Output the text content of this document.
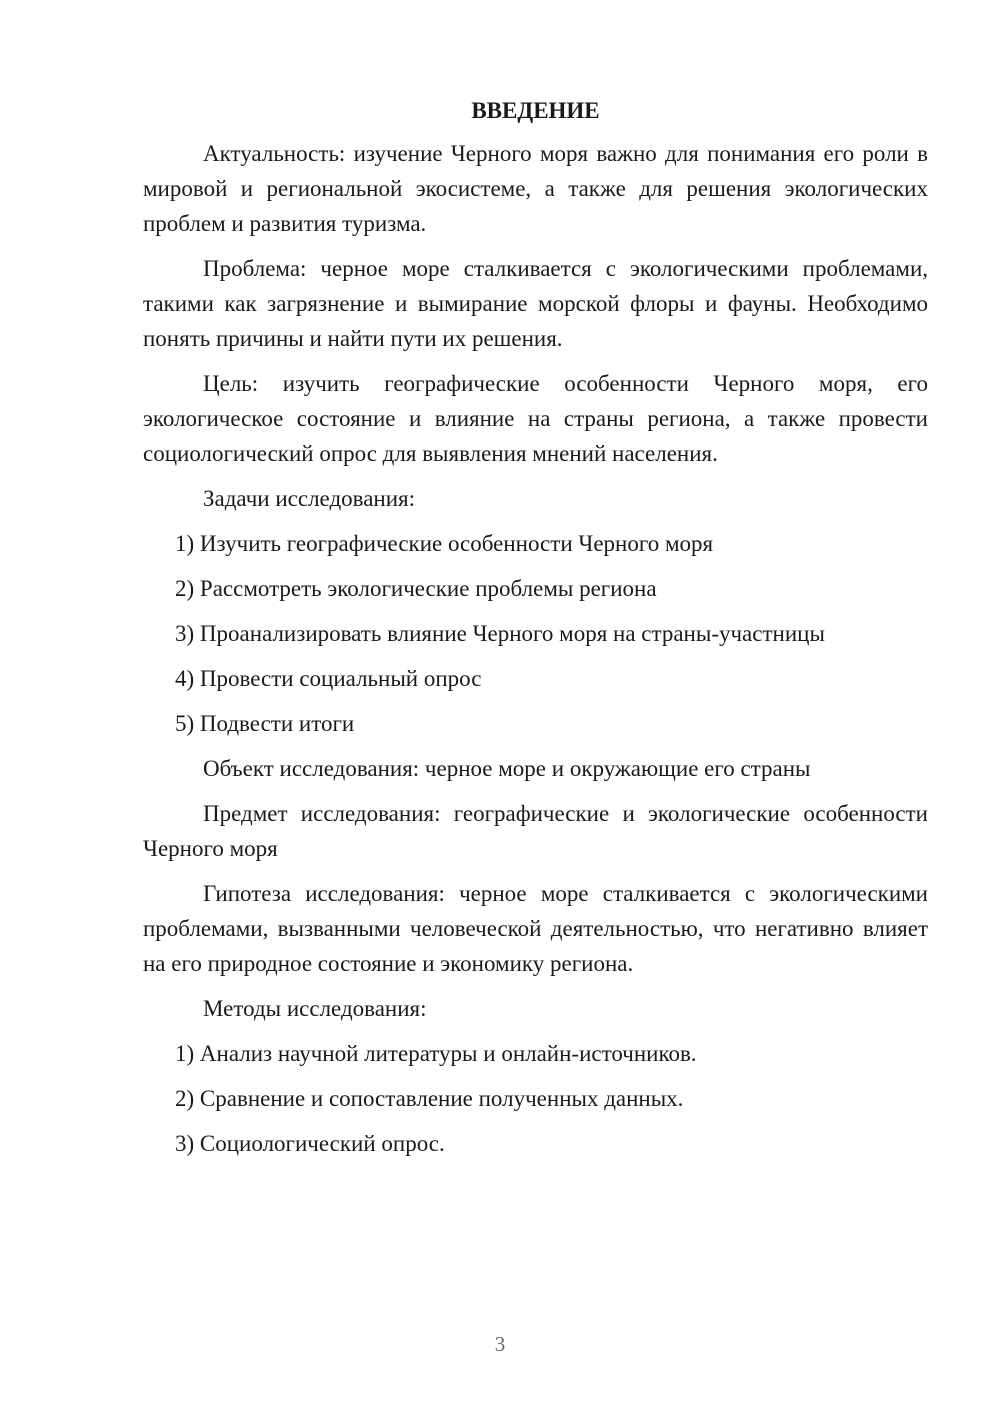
ВВЕДЕНИЕ

Актуальность: изучение Черного моря важно для понимания его роли в мировой и региональной экосистеме, а также для решения экологических проблем и развития туризма.

Проблема: черное море сталкивается с экологическими проблемами, такими как загрязнение и вымирание морской флоры и фауны. Необходимо понять причины и найти пути их решения.

Цель: изучить географические особенности Черного моря, его экологическое состояние и влияние на страны региона, а также провести социологический опрос для выявления мнений населения.

Задачи исследования:

1) Изучить географические особенности Черного моря

2) Рассмотреть экологические проблемы региона

3) Проанализировать влияние Черного моря на страны-участницы

4) Провести социальный опрос

5) Подвести итоги

Объект исследования: черное море и окружающие его страны

Предмет исследования: географические и экологические особенности Черного моря

Гипотеза исследования: черное море сталкивается с экологическими проблемами, вызванными человеческой деятельностью, что негативно влияет на его природное состояние и экономику региона.

Методы исследования:

1) Анализ научной литературы и онлайн-источников.

2) Сравнение и сопоставление полученных данных.

3) Социологический опрос.

3
